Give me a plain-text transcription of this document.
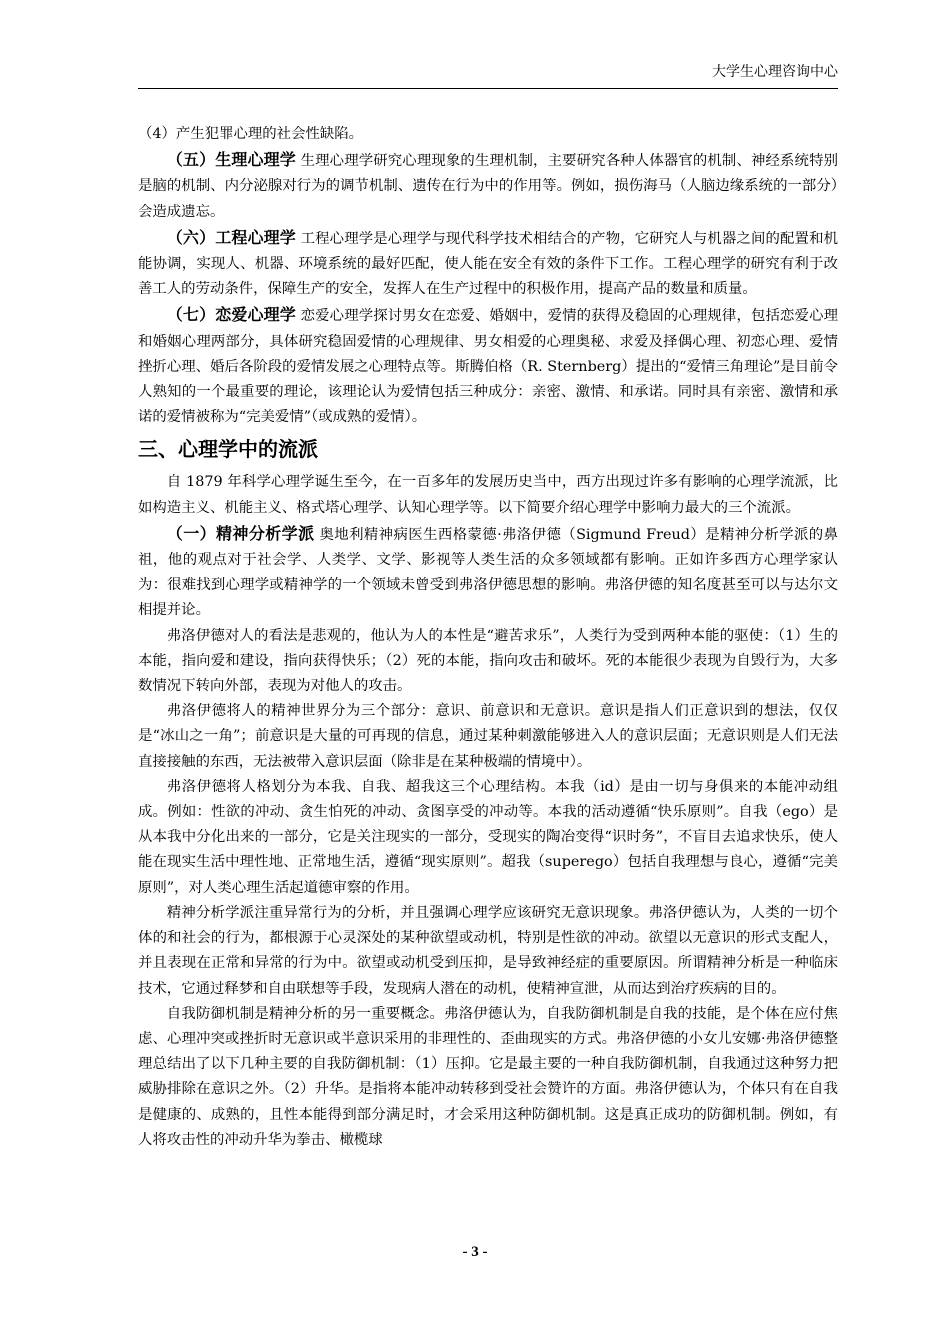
大学生心理咨询中心

（4）产生犯罪心理的社会性缺陷。

（五）生理心理学 生理心理学研究心理现象的生理机制，主要研究各种人体器官的机制、神经系统特别是脑的机制、内分泌腺对行为的调节机制、遗传在行为中的作用等。例如，损伤海马（人脑边缘系统的一部分）会造成遗忘。

（六）工程心理学 工程心理学是心理学与现代科学技术相结合的产物，它研究人与机器之间的配置和机能协调，实现人、机器、环境系统的最好匹配，使人能在安全有效的条件下工作。工程心理学的研究有利于改善工人的劳动条件，保障生产的安全，发挥人在生产过程中的积极作用，提高产品的数量和质量。

（七）恋爱心理学 恋爱心理学探讨男女在恋爱、婚姻中，爱情的获得及稳固的心理规律，包括恋爱心理和婚姻心理两部分，具体研究稳固爱情的心理规律、男女相爱的心理奥秘、求爱及择偶心理、初恋心理、爱情挫折心理、婚后各阶段的爱情发展之心理特点等。斯腾伯格（R. Sternberg）提出的“爱情三角理论”是目前令人熟知的一个最重要的理论，该理论认为爱情包括三种成分：亲密、激情、和承诺。同时具有亲密、激情和承诺的爱情被称为“完美爱情”（或成熟的爱情）。

三、心理学中的流派

自 1879 年科学心理学诞生至今，在一百多年的发展历史当中，西方出现过许多有影响的心理学流派，比如构造主义、机能主义、格式塔心理学、认知心理学等。以下简要介绍心理学中影响力最大的三个流派。

（一）精神分析学派 奥地利精神病医生西格蒙德·弗洛伊德（Sigmund Freud）是精神分析学派的鼻祖，他的观点对于社会学、人类学、文学、影视等人类生活的众多领域都有影响。正如许多西方心理学家认为：很难找到心理学或精神学的一个领域未曾受到弗洛伊德思想的影响。弗洛伊德的知名度甚至可以与达尔文相提并论。

弗洛伊德对人的看法是悲观的，他认为人的本性是“避苦求乐”，人类行为受到两种本能的驱使：（1）生的本能，指向爱和建设，指向获得快乐；（2）死的本能，指向攻击和破坏。死的本能很少表现为自毁行为，大多数情况下转向外部，表现为对他人的攻击。

弗洛伊德将人的精神世界分为三个部分：意识、前意识和无意识。意识是指人们正意识到的想法，仅仅是“冰山之一角”；前意识是大量的可再现的信息，通过某种刺激能够进入人的意识层面；无意识则是人们无法直接接触的东西，无法被带入意识层面（除非是在某种极端的情境中）。

弗洛伊德将人格划分为本我、自我、超我这三个心理结构。本我（id）是由一切与身俱来的本能冲动组成。例如：性欲的冲动、贪生怕死的冲动、贪图享受的冲动等。本我的活动遵循“快乐原则”。自我（ego）是从本我中分化出来的一部分，它是关注现实的一部分，受现实的陶冶变得“识时务”，不盲目去追求快乐，使人能在现实生活中理性地、正常地生活，遵循“现实原则”。超我（superego）包括自我理想与良心，遵循“完美原则”，对人类心理生活起道德审察的作用。

精神分析学派注重异常行为的分析，并且强调心理学应该研究无意识现象。弗洛伊德认为，人类的一切个体的和社会的行为，都根源于心灵深处的某种欲望或动机，特别是性欲的冲动。欲望以无意识的形式支配人，并且表现在正常和异常的行为中。欲望或动机受到压抑，是导致神经症的重要原因。所谓精神分析是一种临床技术，它通过释梦和自由联想等手段，发现病人潜在的动机，使精神宣泄，从而达到治疗疾病的目的。

自我防御机制是精神分析的另一重要概念。弗洛伊德认为，自我防御机制是自我的技能，是个体在应付焦虑、心理冲突或挫折时无意识或半意识采用的非理性的、歪曲现实的方式。弗洛伊德的小女儿安娜·弗洛伊德整理总结出了以下几种主要的自我防御机制：（1）压抑。它是最主要的一种自我防御机制，自我通过这种努力把威胁排除在意识之外。（2）升华。是指将本能冲动转移到受社会赞许的方面。弗洛伊德认为，个体只有在自我是健康的、成熟的，且性本能得到部分满足时，才会采用这种防御机制。这是真正成功的防御机制。例如，有人将攻击性的冲动升华为拳击、橄榄球

- 3 -
